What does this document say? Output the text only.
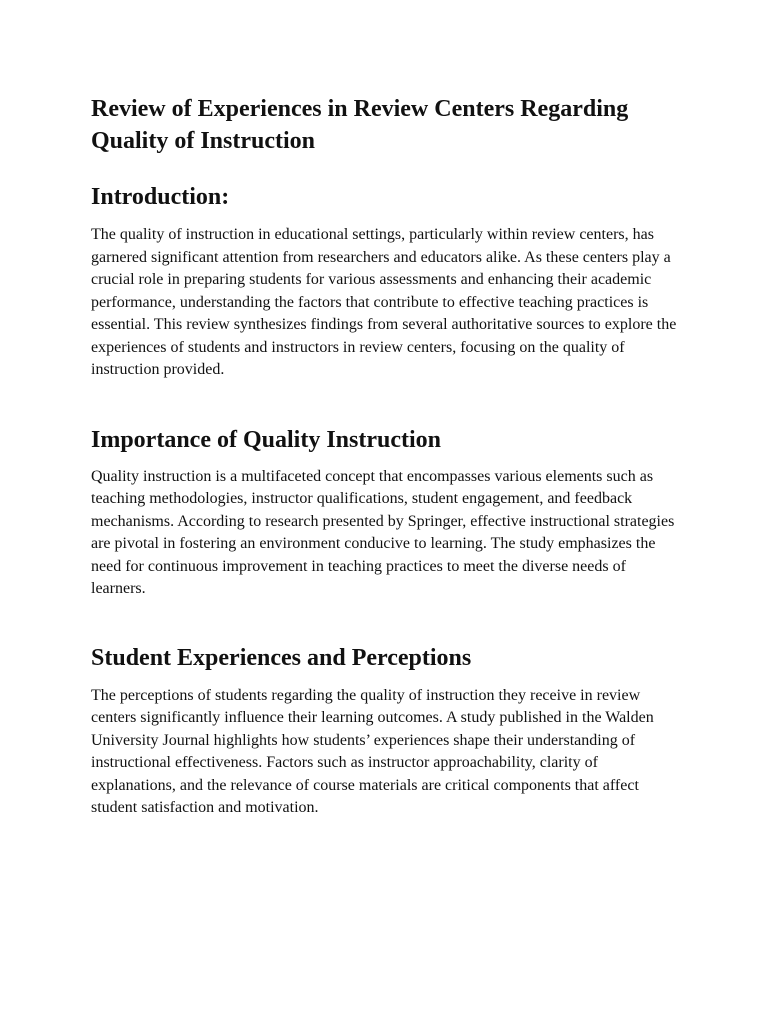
Review of Experiences in Review Centers Regarding Quality of Instruction
Introduction:

The quality of instruction in educational settings, particularly within review centers, has garnered significant attention from researchers and educators alike. As these centers play a crucial role in preparing students for various assessments and enhancing their academic performance, understanding the factors that contribute to effective teaching practices is essential. This review synthesizes findings from several authoritative sources to explore the experiences of students and instructors in review centers, focusing on the quality of instruction provided.

Importance of Quality Instruction

Quality instruction is a multifaceted concept that encompasses various elements such as teaching methodologies, instructor qualifications, student engagement, and feedback mechanisms. According to research presented by Springer, effective instructional strategies are pivotal in fostering an environment conducive to learning. The study emphasizes the need for continuous improvement in teaching practices to meet the diverse needs of learners.

Student Experiences and Perceptions

The perceptions of students regarding the quality of instruction they receive in review centers significantly influence their learning outcomes. A study published in the Walden University Journal highlights how students’ experiences shape their understanding of instructional effectiveness. Factors such as instructor approachability, clarity of explanations, and the relevance of course materials are critical components that affect student satisfaction and motivation.
